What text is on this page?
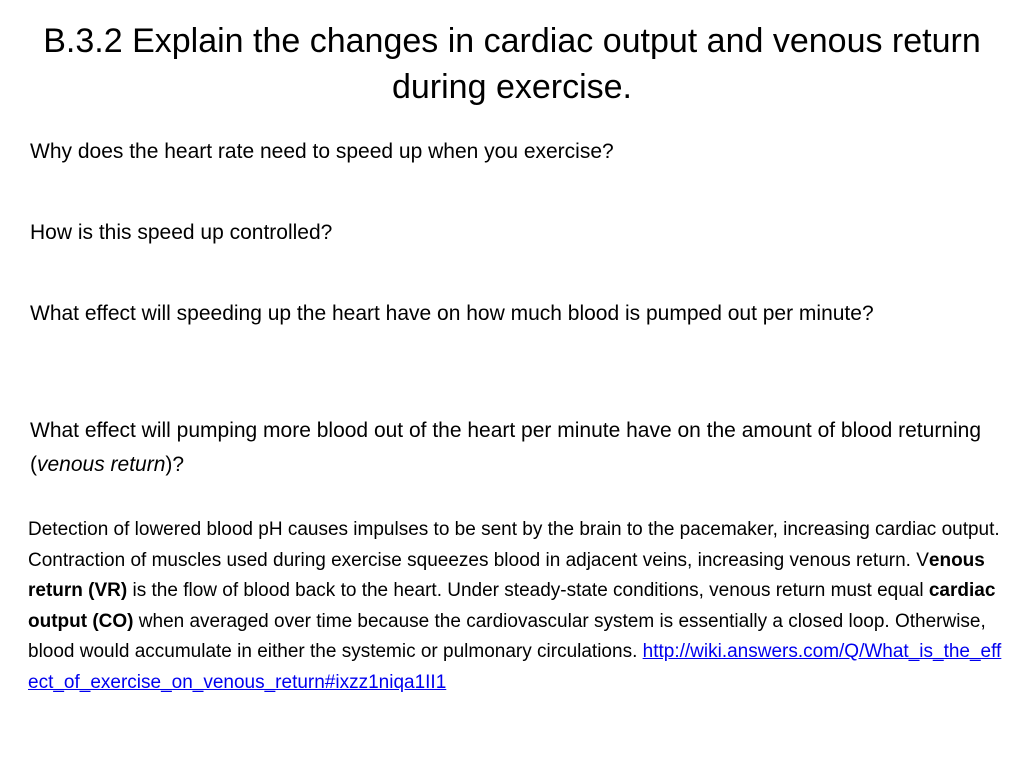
B.3.2 Explain the changes in cardiac output and venous return during exercise.
Why does the heart rate need to speed up when you exercise?
How is this speed up controlled?
What effect will speeding up the heart have on how much blood is pumped out per minute?
What effect will pumping more blood out of the heart per minute have on the amount of blood returning (venous return)?
Detection of lowered blood pH causes impulses to be sent by the brain to the pacemaker, increasing cardiac output. Contraction of muscles used during exercise squeezes blood in adjacent veins, increasing venous return. Venous return (VR) is the flow of blood back to the heart. Under steady-state conditions, venous return must equal cardiac output (CO) when averaged over time because the cardiovascular system is essentially a closed loop. Otherwise, blood would accumulate in either the systemic or pulmonary circulations. http://wiki.answers.com/Q/What_is_the_effect_of_exercise_on_venous_return#ixzz1niqa1II1
